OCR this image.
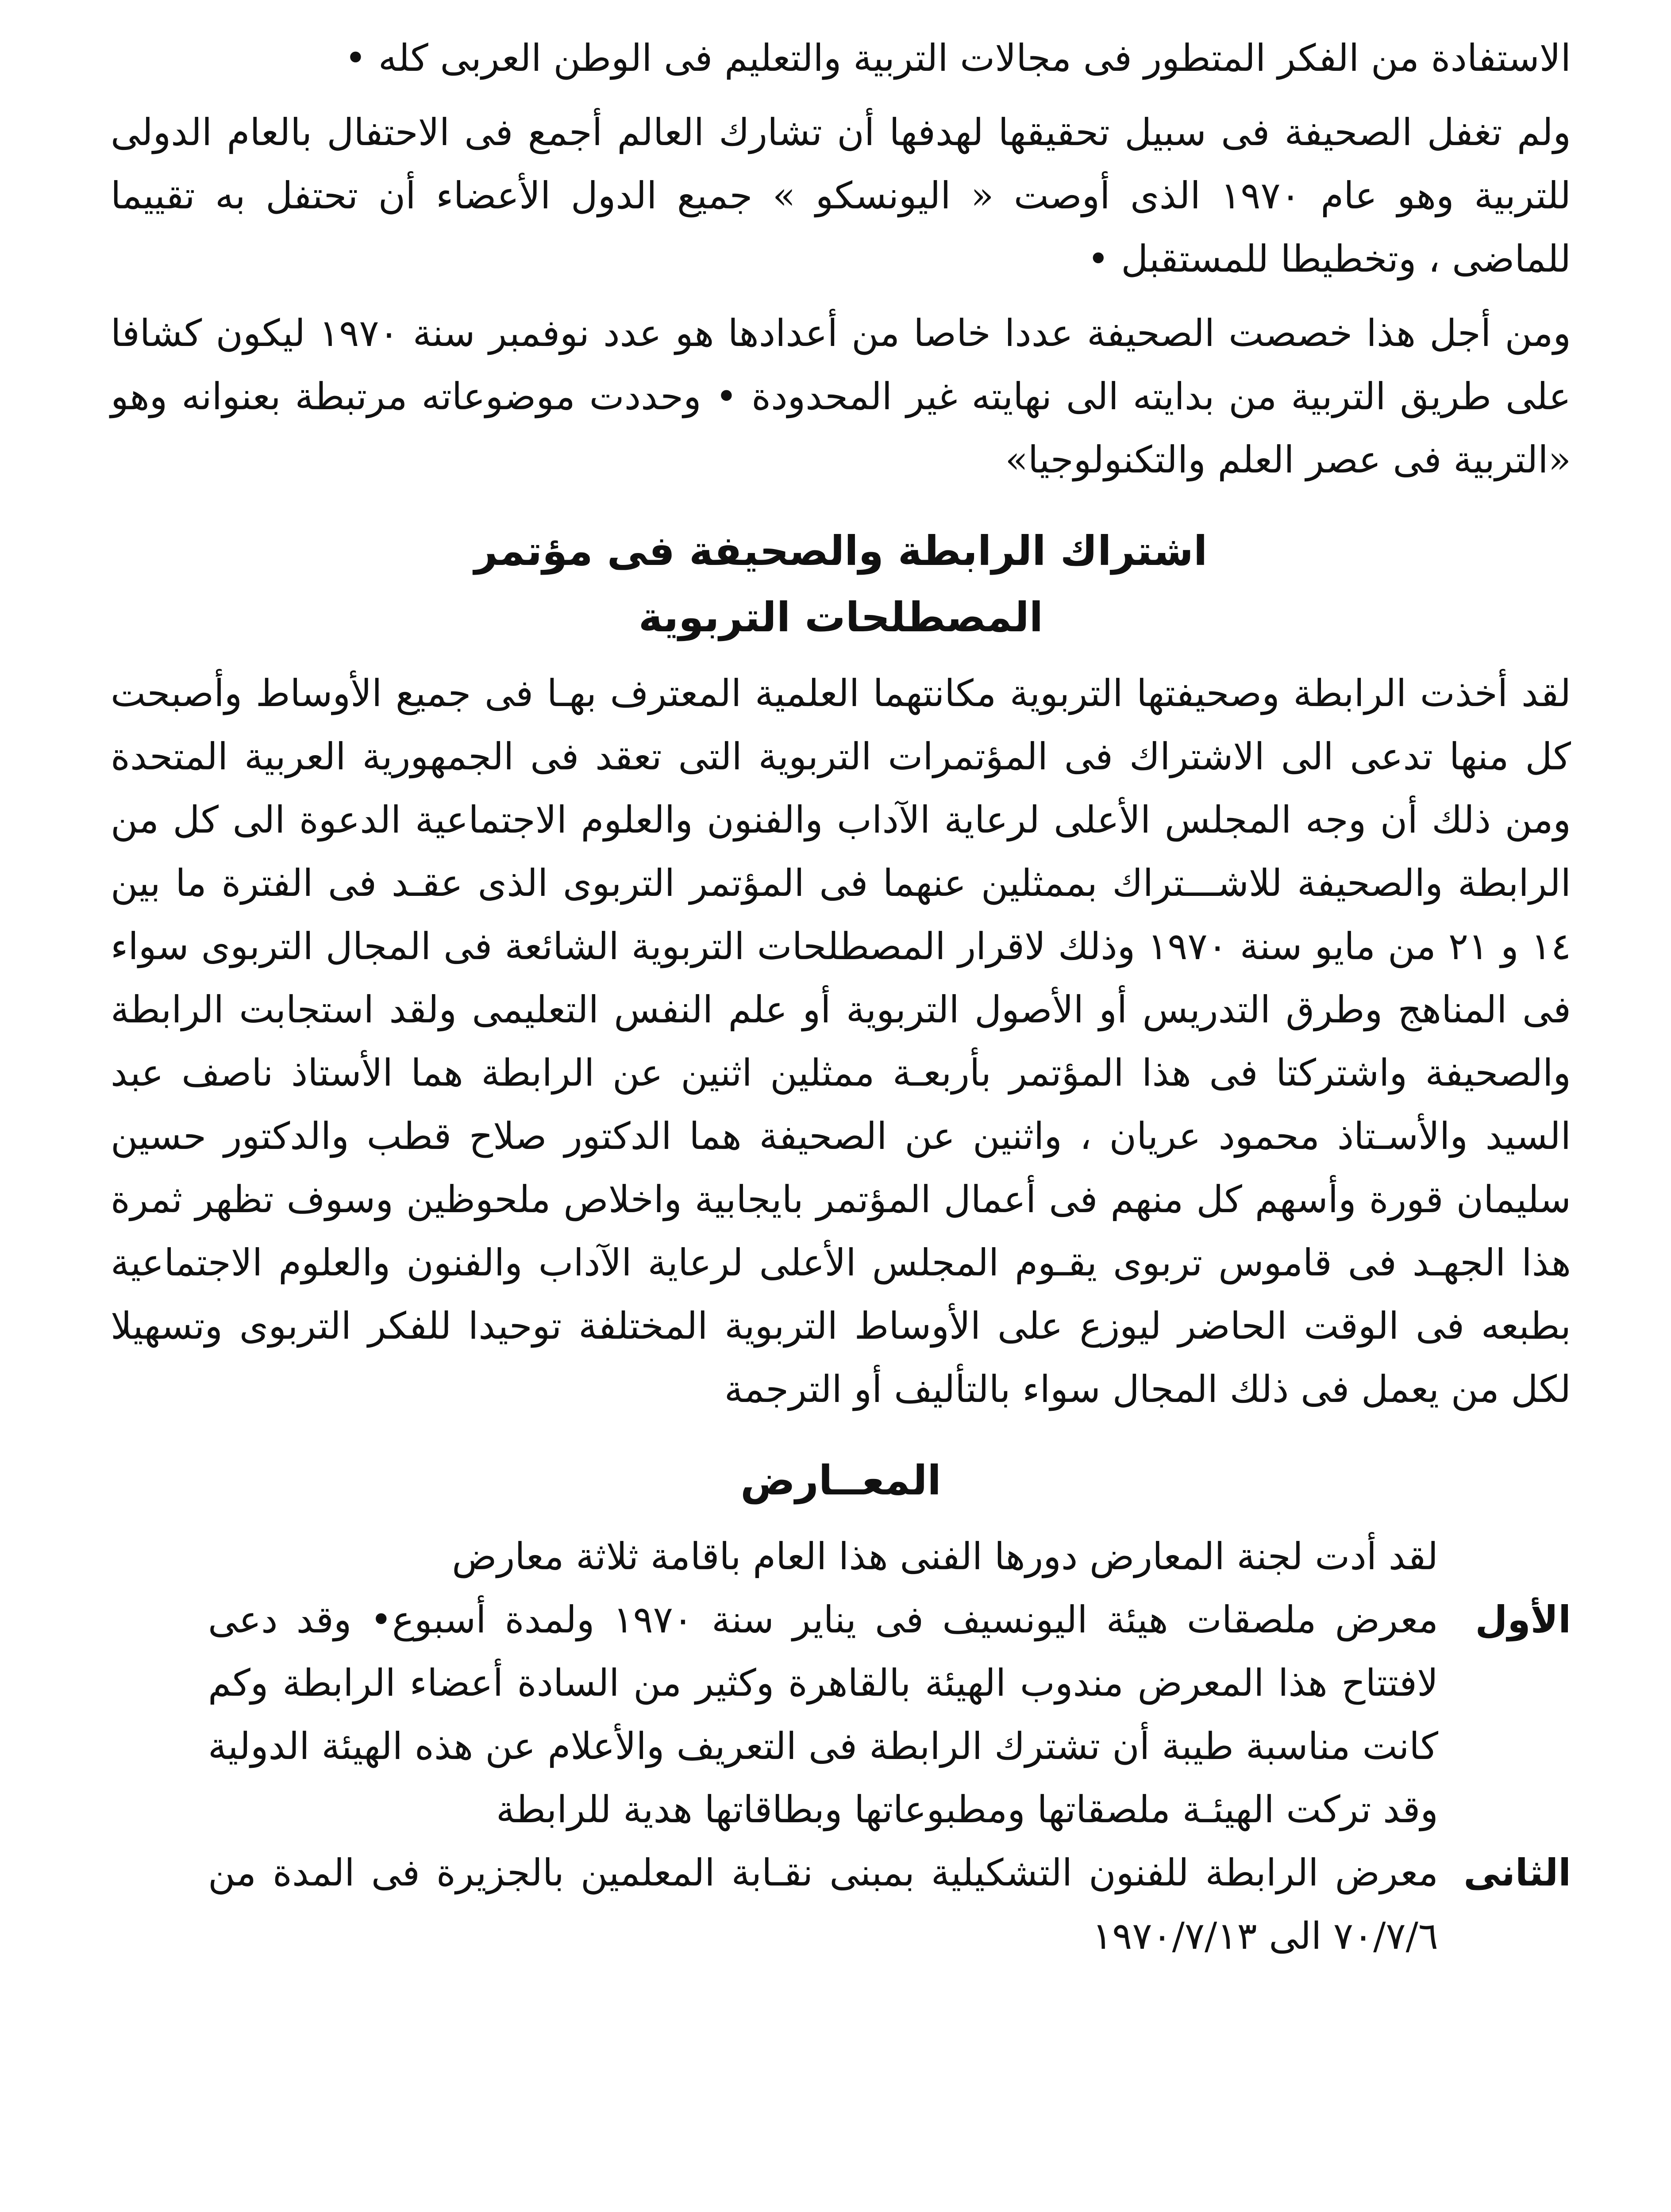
الاستفادة من الفكر المتطور فى مجالات التربية والتعليم فى الوطن العربى كله •

ولم تغفل الصحيفة فى سبيل تحقيقها لهدفها أن تشارك العالم أجمع فى الاحتفال بالعام الدولى للتربية وهو عام ١٩٧٠ الذى أوصت « اليونسكو » جميع الدول الأعضاء أن تحتفل به تقييما للماضى ، وتخطيطا للمستقبل •

ومن أجل هذا خصصت الصحيفة عددا خاصا من أعدادها هو عدد نوفمبر سنة ١٩٧٠ ليكون كشافا على طريق التربية من بدايته الى نهايته غير المحدودة • وحددت موضوعاته مرتبطة بعنوانه وهو «التربية فى عصر العلم والتكنولوجيا»

اشتراك الرابطة والصحيفة فى مؤتمر

المصطلحات التربوية

لقد أخذت الرابطة وصحيفتها التربوية مكانتهما العلمية المعترف بهـا فى جميع الأوساط وأصبحت كل منها تدعى الى الاشتراك فى المؤتمرات التربوية التى تعقد فى الجمهورية العربية المتحدة ومن ذلك أن وجه المجلس الأعلى لرعاية الآداب والفنون والعلوم الاجتماعية الدعوة الى كل من الرابطة والصحيفة للاشـــتراك بممثلين عنهما فى المؤتمر التربوى الذى عقـد فى الفترة ما بين ١٤ و ٢١ من مايو سنة ١٩٧٠ وذلك لاقرار المصطلحات التربوية الشائعة فى المجال التربوى سواء فى المناهج وطرق التدريس أو الأصول التربوية أو علم النفس التعليمى ولقد استجابت الرابطة والصحيفة واشتركتا فى هذا المؤتمر بأربعـة ممثلين اثنين عن الرابطة هما الأستاذ ناصف عبد السيد والأسـتاذ محمود عريان ، واثنين عن الصحيفة هما الدكتور صلاح قطب والدكتور حسين سليمان قورة وأسهم كل منهم فى أعمال المؤتمر بايجابية واخلاص ملحوظين وسوف تظهر ثمرة هذا الجهـد فى قاموس تربوى يقـوم المجلس الأعلى لرعاية الآداب والفنون والعلوم الاجتماعية بطبعه فى الوقت الحاضر ليوزع على الأوساط التربوية المختلفة توحيدا للفكر التربوى وتسهيلا لكل من يعمل فى ذلك المجال سواء بالتأليف أو الترجمة

المعــارض

لقد أدت لجنة المعارض دورها الفنى هذا العام باقامة ثلاثة معارض

الأول
معرض ملصقات هيئة اليونسيف فى يناير سنة ١٩٧٠ ولمدة أسبوع• وقد دعى لافتتاح هذا المعرض مندوب الهيئة بالقاهرة وكثير من السادة أعضاء الرابطة وكم كانت مناسبة طيبة أن تشترك الرابطة فى التعريف والأعلام عن هذه الهيئة الدولية وقد تركت الهيئـة ملصقاتها ومطبوعاتها وبطاقاتها هدية للرابطة
الثانى
معرض الرابطة للفنون التشكيلية بمبنى نقـابة المعلمين بالجزيرة فى المدة من ٧٠/٧/٦ الى ١٩٧٠/٧/١٣
